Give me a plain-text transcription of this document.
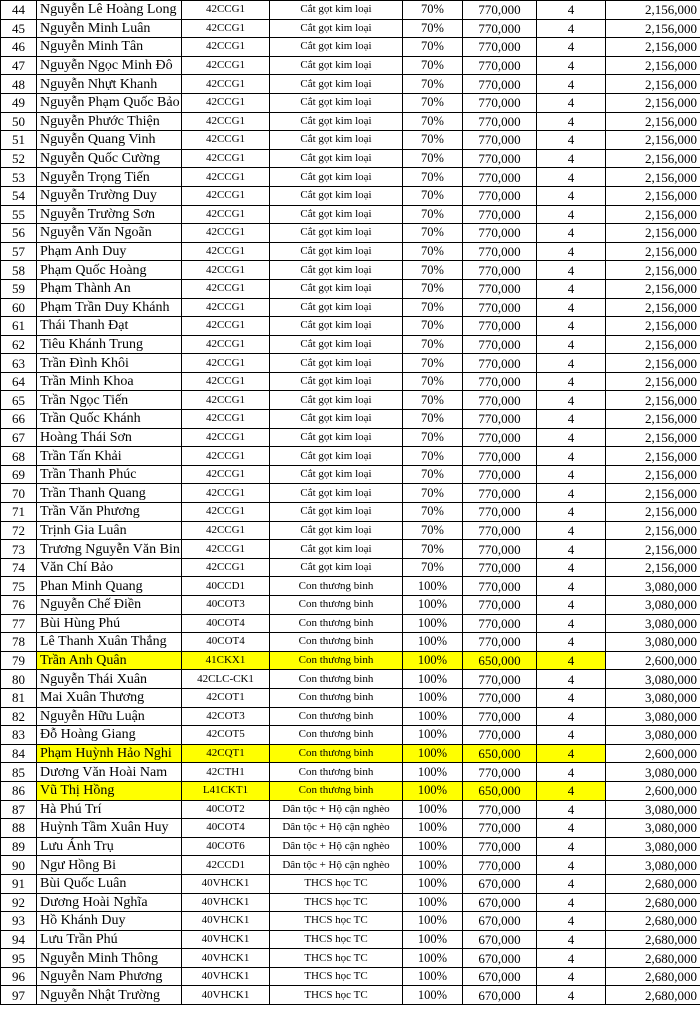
44	Nguyễn Lê Hoàng Long	42CCG1	Cắt gọt kim loại	70%	770,000	4	2,156,000
45	Nguyễn Minh Luân	42CCG1	Cắt gọt kim loại	70%	770,000	4	2,156,000
46	Nguyễn Minh Tân	42CCG1	Cắt gọt kim loại	70%	770,000	4	2,156,000
47	Nguyễn Ngọc Minh Đô	42CCG1	Cắt gọt kim loại	70%	770,000	4	2,156,000
48	Nguyễn Nhựt Khanh	42CCG1	Cắt gọt kim loại	70%	770,000	4	2,156,000
49	Nguyễn Phạm Quốc Bảo	42CCG1	Cắt gọt kim loại	70%	770,000	4	2,156,000
50	Nguyễn Phước Thiện	42CCG1	Cắt gọt kim loại	70%	770,000	4	2,156,000
51	Nguyễn Quang Vinh	42CCG1	Cắt gọt kim loại	70%	770,000	4	2,156,000
52	Nguyễn Quốc Cường	42CCG1	Cắt gọt kim loại	70%	770,000	4	2,156,000
53	Nguyễn Trọng Tiến	42CCG1	Cắt gọt kim loại	70%	770,000	4	2,156,000
54	Nguyễn Trường Duy	42CCG1	Cắt gọt kim loại	70%	770,000	4	2,156,000
55	Nguyễn Trường Sơn	42CCG1	Cắt gọt kim loại	70%	770,000	4	2,156,000
56	Nguyễn Văn Ngoãn	42CCG1	Cắt gọt kim loại	70%	770,000	4	2,156,000
57	Phạm Anh Duy	42CCG1	Cắt gọt kim loại	70%	770,000	4	2,156,000
58	Phạm Quốc Hoàng	42CCG1	Cắt gọt kim loại	70%	770,000	4	2,156,000
59	Phạm Thành An	42CCG1	Cắt gọt kim loại	70%	770,000	4	2,156,000
60	Phạm Trần Duy Khánh	42CCG1	Cắt gọt kim loại	70%	770,000	4	2,156,000
61	Thái Thanh Đạt	42CCG1	Cắt gọt kim loại	70%	770,000	4	2,156,000
62	Tiêu Khánh Trung	42CCG1	Cắt gọt kim loại	70%	770,000	4	2,156,000
63	Trần Đình Khôi	42CCG1	Cắt gọt kim loại	70%	770,000	4	2,156,000
64	Trần Minh Khoa	42CCG1	Cắt gọt kim loại	70%	770,000	4	2,156,000
65	Trần Ngọc Tiến	42CCG1	Cắt gọt kim loại	70%	770,000	4	2,156,000
66	Trần Quốc Khánh	42CCG1	Cắt gọt kim loại	70%	770,000	4	2,156,000
67	Hoàng Thái Sơn	42CCG1	Cắt gọt kim loại	70%	770,000	4	2,156,000
68	Trần Tấn Khải	42CCG1	Cắt gọt kim loại	70%	770,000	4	2,156,000
69	Trần Thanh Phúc	42CCG1	Cắt gọt kim loại	70%	770,000	4	2,156,000
70	Trần Thanh Quang	42CCG1	Cắt gọt kim loại	70%	770,000	4	2,156,000
71	Trần Văn Phương	42CCG1	Cắt gọt kim loại	70%	770,000	4	2,156,000
72	Trịnh Gia Luân	42CCG1	Cắt gọt kim loại	70%	770,000	4	2,156,000
73	Trương Nguyễn Văn Bin	42CCG1	Cắt gọt kim loại	70%	770,000	4	2,156,000
74	Văn Chí Bảo	42CCG1	Cắt gọt kim loại	70%	770,000	4	2,156,000
75	Phan Minh Quang	40CCD1	Con thương binh	100%	770,000	4	3,080,000
76	Nguyễn Chế Điền	40COT3	Con thương binh	100%	770,000	4	3,080,000
77	Bùi Hùng Phú	40COT4	Con thương binh	100%	770,000	4	3,080,000
78	Lê Thanh Xuân Thắng	40COT4	Con thương binh	100%	770,000	4	3,080,000
79	Trần Anh Quân	41CKX1	Con thương binh	100%	650,000	4	2,600,000
80	Nguyễn Thái Xuân	42CLC-CK1	Con thương binh	100%	770,000	4	3,080,000
81	Mai Xuân Thương	42COT1	Con thương binh	100%	770,000	4	3,080,000
82	Nguyễn Hữu Luận	42COT3	Con thương binh	100%	770,000	4	3,080,000
83	Đỗ Hoàng Giang	42COT5	Con thương binh	100%	770,000	4	3,080,000
84	Phạm Huỳnh Hảo Nghi	42CQT1	Con thương binh	100%	650,000	4	2,600,000
85	Dương Văn Hoài Nam	42CTH1	Con thương binh	100%	770,000	4	3,080,000
86	Vũ Thị Hồng	L41CKT1	Con thương binh	100%	650,000	4	2,600,000
87	Hà Phú Trí	40COT2	Dân tộc + Hộ cận nghèo	100%	770,000	4	3,080,000
88	Huỳnh Tầm Xuân Huy	40COT4	Dân tộc + Hộ cận nghèo	100%	770,000	4	3,080,000
89	Lưu Ánh Trụ	40COT6	Dân tộc + Hộ cận nghèo	100%	770,000	4	3,080,000
90	Ngư Hồng Bi	42CCD1	Dân tộc + Hộ cận nghèo	100%	770,000	4	3,080,000
91	Bùi Quốc Luân	40VHCK1	THCS học TC	100%	670,000	4	2,680,000
92	Dương Hoài Nghĩa	40VHCK1	THCS học TC	100%	670,000	4	2,680,000
93	Hồ Khánh Duy	40VHCK1	THCS học TC	100%	670,000	4	2,680,000
94	Lưu Trần Phú	40VHCK1	THCS học TC	100%	670,000	4	2,680,000
95	Nguyễn Minh Thông	40VHCK1	THCS học TC	100%	670,000	4	2,680,000
96	Nguyễn Nam Phương	40VHCK1	THCS học TC	100%	670,000	4	2,680,000
97	Nguyễn Nhật Trường	40VHCK1	THCS học TC	100%	670,000	4	2,680,000
